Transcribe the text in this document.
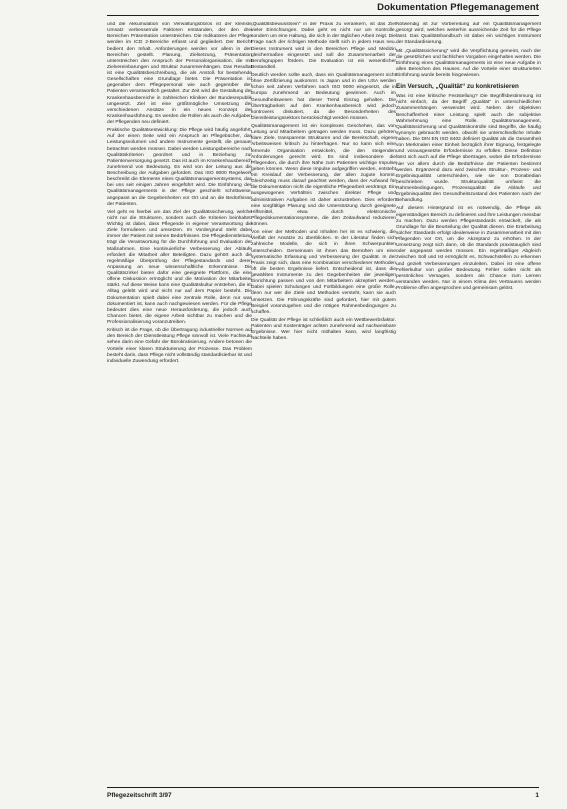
Dokumentation Pflegemanagement

und die Akkumulation von Verwaltungsbüros ist der kleinste Umsatz verbessernde Faktoren entstanden, der den drei Bereichen Präsentation unterstreichen. Die Indikatoren der Pflege werden im ICD 2-Bereiche erfasst und gegliedert. Der Bericht bedient den Inhalt. Anforderungen werden vor allem in den Bereichen gestellt. Planung, Zielsetzung, Präsentation unterstreichen den Anspruch der Personalorganisation, die mit Zielvereinbarungen und Struktur zusammenhängen. Das Resultat ist eine Qualitätsbeschreibung, die als Anstoß für bestehende Gesellschaften eine Grundlage bietet. Die Präsentation ist gegenüber dem Pflegepersonal wie auch gegenüber den Patienten verantwortlich gestaltet. Zur Zeit wird die Gestaltung der Krankenhausbereiche in zahlreichen Kliniken der Bundesrepublik umgesetzt. Ziel ist eine größtmögliche Umsetzung der verschiedenen Ansätze in ein neues Konzept der Krankenhausführung. Es werden die Rollen als auch die Aufgaben der Pflegenden neu definiert.

Praktische Qualitätsentwicklung: Die Pflege wird häufig angeführt. Auf der einen Seite wird ein Anspruch an Pflegebücher, das Leistungsvolumen und andere Instrumente gestellt, die genauer betrachtet werden müssen. Dabei werden Leistungsbereiche nach Qualitätskriterien geordnet und in Beziehung zur Patientenversorgung gesetzt. Das ist auch im Krankenhausbereich zunehmend von Bedeutung. Es wird von der Leitung aus die Beschreibung der Aufgaben gefordert. Das ISO 9000 Regelwerk beschreibt die Elemente eines Qualitätsmanagementsystems, das bei uns seit einigen Jahren eingeführt wird. Die Einführung des Qualitätsmanagements in der Pflege geschieht schrittweise, angepasst an die Gegebenheiten vor Ort und an die Bedürfnisse der Patienten.

Viel geht es hierbei um das Ziel der Qualitätssicherung, welche nicht nur die Strukturen, sondern auch die Kriterien beinhaltet. Wichtig ist dabei, dass Pflegende in eigener Verantwortung die Ziele formulieren und umsetzen. Im Vordergrund steht dabei immer der Patient mit seinen Bedürfnissen. Die Pflegedienstleitung trägt die Verantwortung für die Durchführung und Evaluation der Maßnahmen. Eine kontinuierliche Verbesserung der Abläufe erfordert die Mitarbeit aller Beteiligten. Dazu gehört auch die regelmäßige Überprüfung der Pflegestandards und deren Anpassung an neue wissenschaftliche Erkenntnisse. Die Qualitätszirkel bieten dafür eine geeignete Plattform, die eine offene Diskussion ermöglicht und die Motivation der Mitarbeiter stärkt. Auf diese Weise kann eine Qualitätskultur entstehen, die im Alltag gelebt wird und nicht nur auf dem Papier besteht. Die Dokumentation spielt dabei eine zentrale Rolle, denn nur was dokumentiert ist, kann auch nachgewiesen werden. Für die Pflege bedeutet dies eine neue Herausforderung, die jedoch auch Chancen bietet, die eigene Arbeit sichtbar zu machen und die Professionalisierung voranzutreiben.

Kritisch ist die Frage, ob die Übertragung industrieller Normen auf den Bereich der Dienstleistung Pflege sinnvoll ist. Viele Fachleute sehen darin eine Gefahr der Bürokratisierung. Andere betonen die Vorteile einer klaren Strukturierung der Prozesse. Das Problem besteht darin, dass Pflege nicht vollständig standardisierbar ist und individuelle Zuwendung erfordert.

„Qualitätsbewusstsein“ in der Praxis zu verankern, ist das Ziel vieler Einrichtungen. Dabei geht es nicht nur um Kontrolle, sondern um eine Haltung, die sich in der täglichen Arbeit zeigt. Die Frage nach der richtigen Methode stellt sich in jedem Haus neu. Dieses Instrument wird in den Bereichen Pflege und Medizin gleichermaßen eingesetzt und soll die Zusammenarbeit der Berufsgruppen fördern. Die Evaluation ist ein wesentlicher Bestandteil.

Deutlich werden sollte auch, dass ein Qualitätsmanagement nicht ohne Zertifizierung auskommt. In Japan und in den USA werden schon seit Jahren Verfahren nach ISO 9000 eingesetzt, die in Europa zunehmend an Bedeutung gewinnen. Auch im Gesundheitswesen hat dieser Trend Einzug gehalten. Die Übertragbarkeit auf den Krankenhausbereich wird jedoch kontrovers diskutiert, da die Besonderheiten des Dienstleistungssektors berücksichtigt werden müssen.

Qualitätsmanagement ist ein komplexes Geschehen, das von Leitung und Mitarbeitern getragen werden muss. Dazu gehören klare Ziele, transparente Strukturen und die Bereitschaft, eigene Arbeitsweisen kritisch zu hinterfragen. Nur so kann sich eine lernende Organisation entwickeln, die den steigenden Anforderungen gerecht wird. Es sind insbesondere die Pflegenden, die durch ihre Nähe zum Patienten wichtige Impulse geben können. Wenn diese Impulse aufgegriffen werden, entsteht ein Kreislauf der Verbesserung, der allen zugute kommt. Gleichzeitig muss darauf geachtet werden, dass der Aufwand für die Dokumentation nicht die eigentliche Pflegearbeit verdrängt. Ein ausgewogenes Verhältnis zwischen direkter Pflege und administrativen Aufgaben ist daher anzustreben. Dies erfordert eine sorgfältige Planung und die Unterstützung durch geeignete Hilfsmittel, etwa durch elektronische Pflegedokumentationssysteme, die den Zeitaufwand reduzieren können.

Von einer der Methoden und Inhalten her ist es schwierig, die Vielfalt der Ansätze zu überblicken. In der Literatur finden sich zahlreiche Modelle, die sich in ihren Schwerpunkten unterscheiden. Gemeinsam ist ihnen das Bemühen um eine systematische Erfassung und Verbesserung der Qualität. In der Praxis zeigt sich, dass eine Kombination verschiedener Methoden oft die besten Ergebnisse liefert. Entscheidend ist, dass die gewählten Instrumente zu den Gegebenheiten der jeweiligen Einrichtung passen und von den Mitarbeitern akzeptiert werden. Dabei spielen Schulungen und Fortbildungen eine große Rolle, denn nur wer die Ziele und Methoden versteht, kann sie auch umsetzen. Die Führungskräfte sind gefordert, hier mit gutem Beispiel voranzugehen und die nötigen Rahmenbedingungen zu schaffen.

Die Qualität der Pflege ist schließlich auch ein Wettbewerbsfaktor. Patienten und Kostenträger achten zunehmend auf nachweisbare Ergebnisse. Wer hier nicht mithalten kann, wird langfristig Nachteile haben.

Notwendig ist zur Vorbereitung auf ein Qualitätsmanagement gesorgt wird, welches weiterhin ausreichende Zeit für die Pflege lässt. Das Qualitätshandbuch ist dabei ein wichtiges Instrument der Standardisierung.

Mit „Qualitätssicherung“ wird die Verpflichtung gemeint, nach der die gesetzlichen und fachlichen Vorgaben eingehalten werden. Die Einführung eines Qualitätsmanagements ist eine neue Aufgabe in allen Bereichen des Hauses. Auf die Vorteile einer strukturierten Einführung wurde bereits hingewiesen.

Ein Versuch, „Qualität“ zu konkretisieren

Was ist eine kritische Feststellung? Die Begriffsbestimmung ist nicht einfach, da der Begriff „Qualität“ in unterschiedlichen Zusammenhängen verwendet wird. Neben der objektiven Beschaffenheit einer Leistung spielt auch die subjektive Wahrnehmung eine Rolle. Qualitätsmanagement, Qualitätssicherung und Qualitätskontrolle sind Begriffe, die häufig synonym gebraucht werden, obwohl sie unterschiedliche Inhalte haben. Die DIN EN ISO 8402 definiert Qualität als die Gesamtheit von Merkmalen einer Einheit bezüglich ihrer Eignung, festgelegte und vorausgesetzte Erfordernisse zu erfüllen. Diese Definition lässt sich auch auf die Pflege übertragen, wobei die Erfordernisse hier vor allem durch die Bedürfnisse der Patienten bestimmt werden. Ergänzend dazu wird zwischen Struktur-, Prozess- und Ergebnisqualität unterschieden, wie sie von Donabedian beschrieben wurde. Strukturqualität umfasst die Rahmenbedingungen, Prozessqualität die Abläufe und Ergebnisqualität den Gesundheitszustand des Patienten nach der Behandlung.

Auf diesem Hintergrund ist es notwendig, die Pflege als eigenständigen Bereich zu definieren und ihre Leistungen messbar zu machen. Dazu werden Pflegestandards entwickelt, die als Grundlage für die Beurteilung der Qualität dienen. Die Erarbeitung solcher Standards erfolgt idealerweise in Zusammenarbeit mit den Pflegenden vor Ort, um die Akzeptanz zu erhöhen. In der Umsetzung zeigt sich dann, ob die Standards praxistauglich sind oder angepasst werden müssen. Ein regelmäßiger Abgleich zwischen Soll und Ist ermöglicht es, Schwachstellen zu erkennen und gezielt Verbesserungen einzuleiten. Dabei ist eine offene Fehlerkultur von großer Bedeutung. Fehler sollen nicht als persönliches Versagen, sondern als Chance zum Lernen verstanden werden. Nur in einem Klima des Vertrauens werden Probleme offen angesprochen und gemeinsam gelöst.

Pflegezeitschrift 3/97	1
